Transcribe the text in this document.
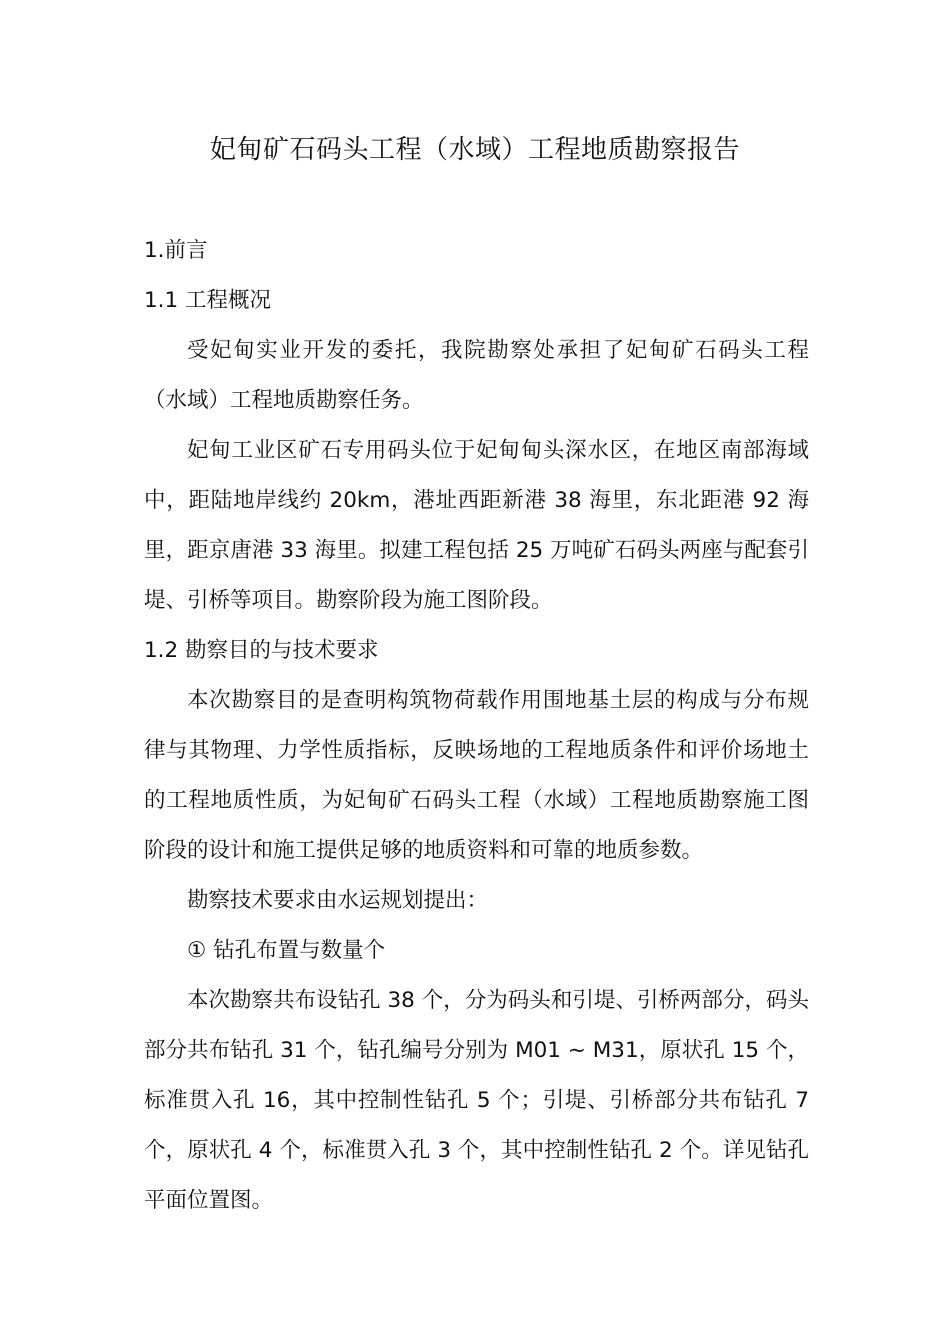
妃甸矿石码头工程（水域）工程地质勘察报告

1.前言

1.1 工程概况

受妃甸实业开发的委托，我院勘察处承担了妃甸矿石码头工程（水域）工程地质勘察任务。

妃甸工业区矿石专用码头位于妃甸甸头深水区，在地区南部海域中，距陆地岸线约 20km，港址西距新港 38 海里，东北距港 92 海里，距京唐港 33 海里。拟建工程包括 25 万吨矿石码头两座与配套引堤、引桥等项目。勘察阶段为施工图阶段。

1.2 勘察目的与技术要求

本次勘察目的是查明构筑物荷载作用围地基土层的构成与分布规律与其物理、力学性质指标，反映场地的工程地质条件和评价场地土的工程地质性质，为妃甸矿石码头工程（水域）工程地质勘察施工图阶段的设计和施工提供足够的地质资料和可靠的地质参数。

勘察技术要求由水运规划提出：

① 钻孔布置与数量个

本次勘察共布设钻孔 38 个，分为码头和引堤、引桥两部分，码头部分共布钻孔 31 个，钻孔编号分别为 M01 ~ M31，原状孔 15 个，标准贯入孔 16，其中控制性钻孔 5 个；引堤、引桥部分共布钻孔 7 个，原状孔 4 个，标准贯入孔 3 个，其中控制性钻孔 2 个。详见钻孔平面位置图。
